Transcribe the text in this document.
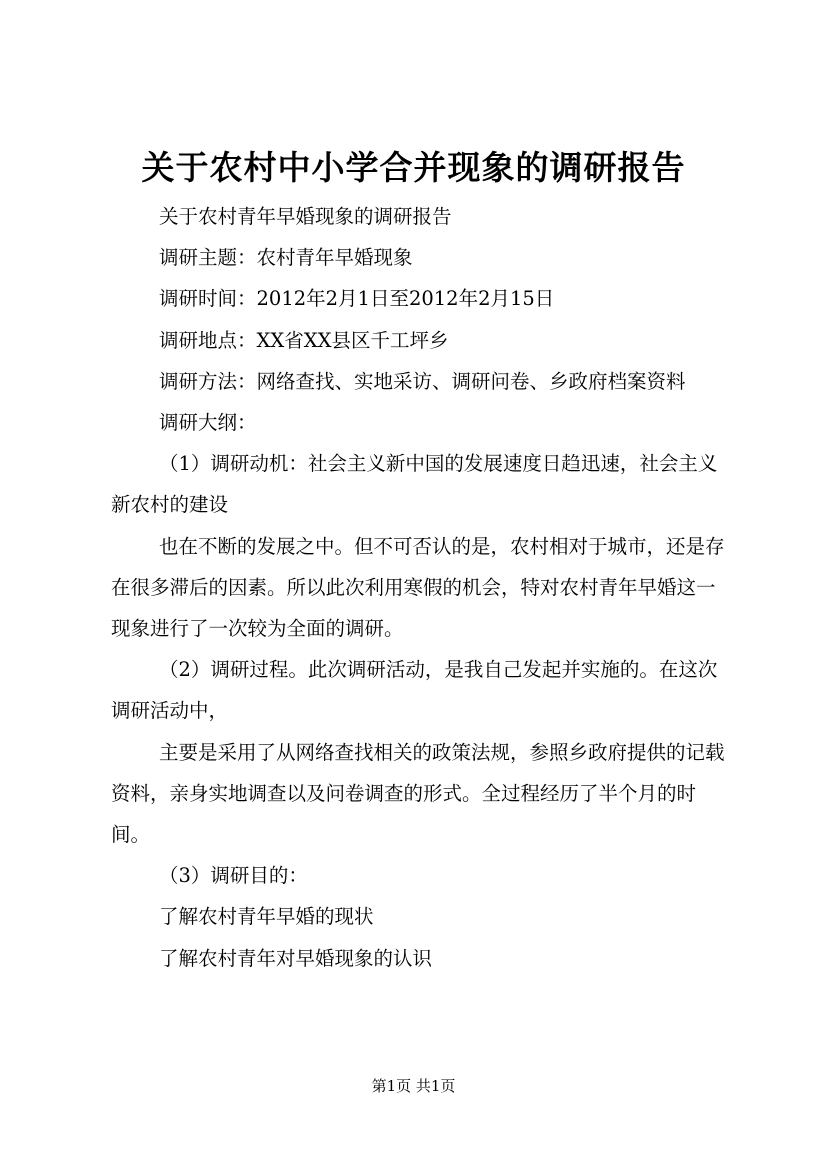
关于农村中小学合并现象的调研报告

关于农村青年早婚现象的调研报告

调研主题：农村青年早婚现象

调研时间：2012年2月1日至2012年2月15日

调研地点：XX省XX县区千工坪乡

调研方法：网络查找、实地采访、调研问卷、乡政府档案资料

调研大纲：

（1）调研动机：社会主义新中国的发展速度日趋迅速，社会主义新农村的建设

也在不断的发展之中。但不可否认的是，农村相对于城市，还是存在很多滞后的因素。所以此次利用寒假的机会，特对农村青年早婚这一现象进行了一次较为全面的调研。

（2）调研过程。此次调研活动，是我自己发起并实施的。在这次调研活动中，

主要是采用了从网络查找相关的政策法规，参照乡政府提供的记载资料，亲身实地调查以及问卷调查的形式。全过程经历了半个月的时间。

（3）调研目的：

了解农村青年早婚的现状

了解农村青年对早婚现象的认识

第1页 共1页
